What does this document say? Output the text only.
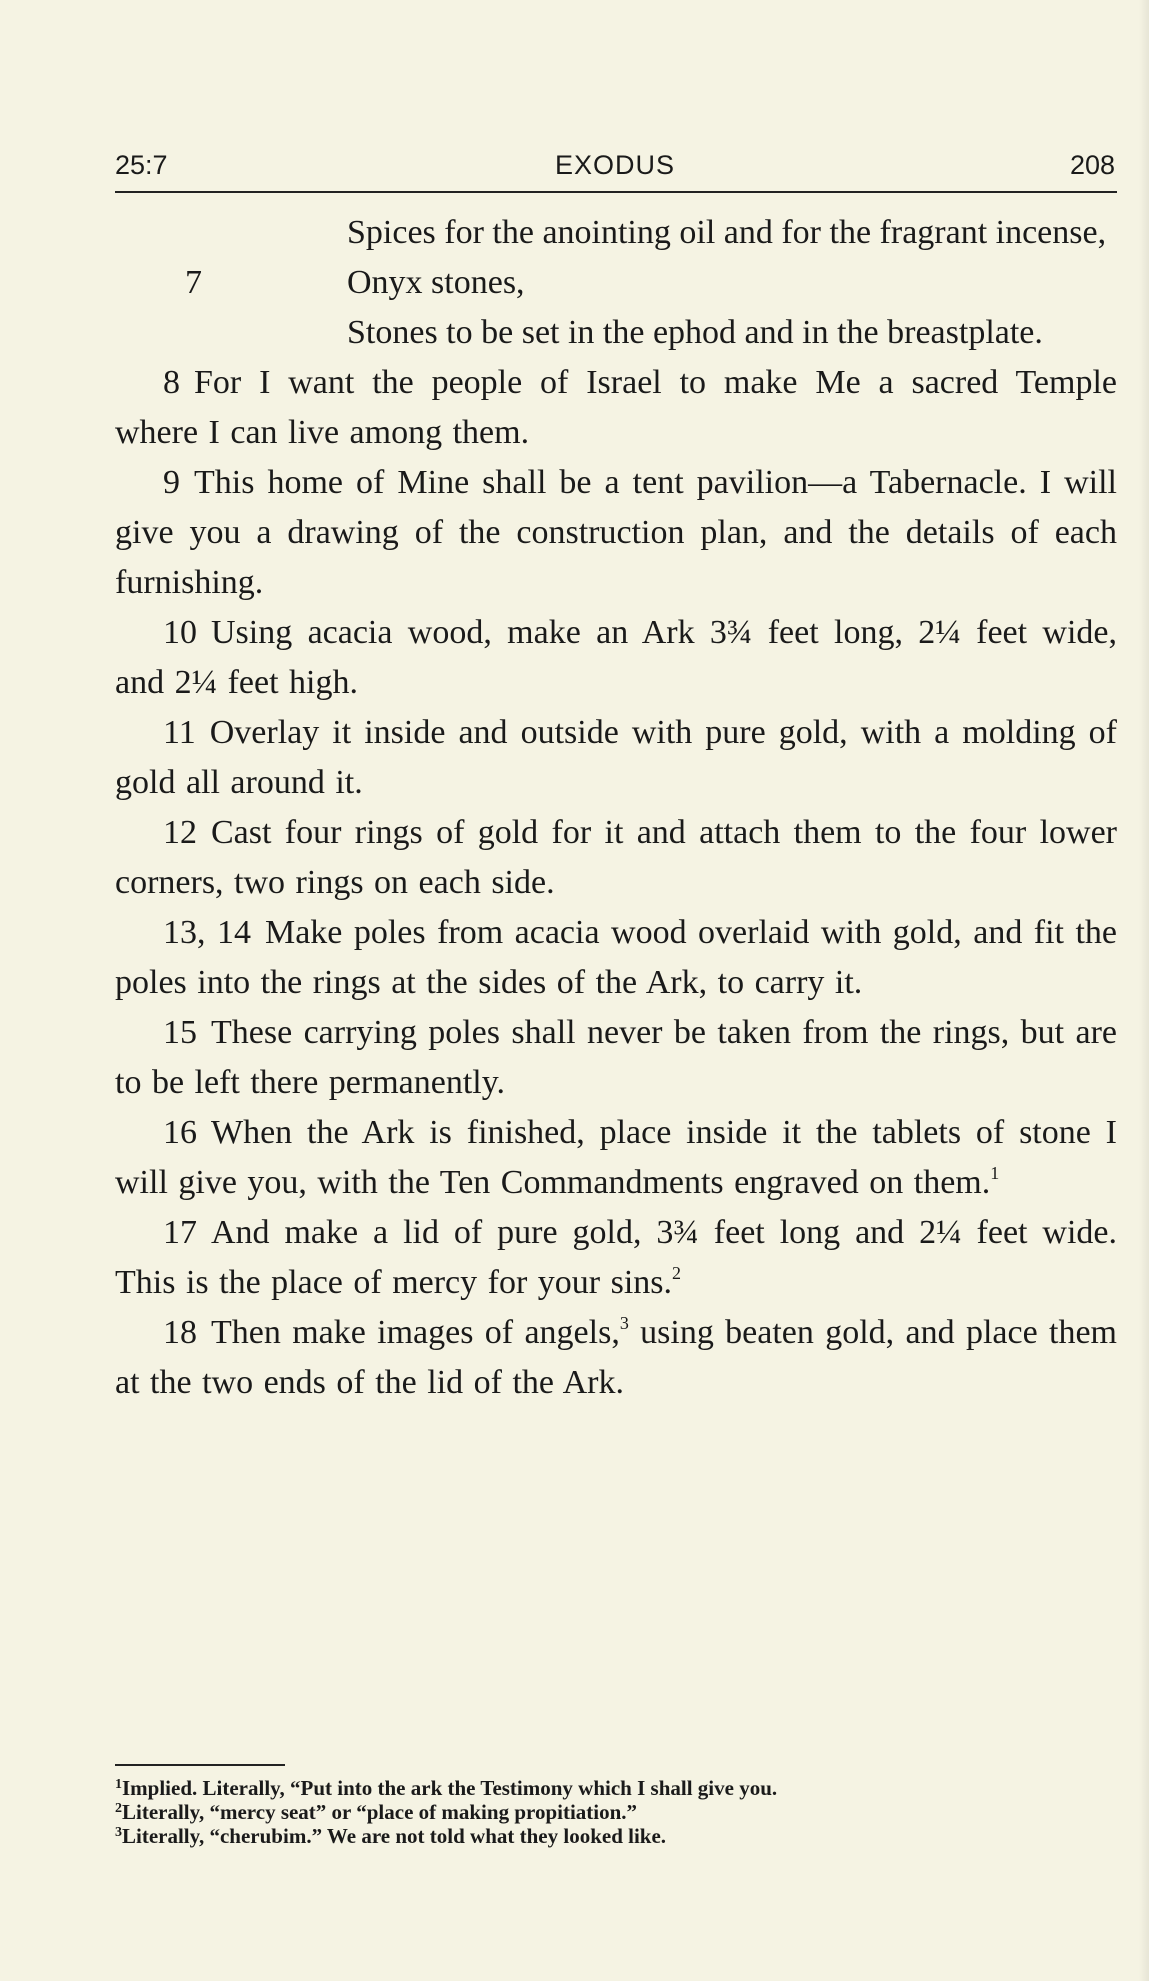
25:7	EXODUS	208
Spices for the anointing oil and for the fragrant incense,
7	Onyx stones,
Stones to be set in the ephod and in the breastplate.

8 For I want the people of Israel to make Me a sacred Temple where I can live among them.

9 This home of Mine shall be a tent pavilion—a Tabernacle. I will give you a drawing of the construction plan, and the details of each furnishing.

10 Using acacia wood, make an Ark 3¾ feet long, 2¼ feet wide, and 2¼ feet high.

11 Overlay it inside and outside with pure gold, with a molding of gold all around it.

12 Cast four rings of gold for it and attach them to the four lower corners, two rings on each side.

13, 14 Make poles from acacia wood overlaid with gold, and fit the poles into the rings at the sides of the Ark, to carry it.

15 These carrying poles shall never be taken from the rings, but are to be left there permanently.

16 When the Ark is finished, place inside it the tablets of stone I will give you, with the Ten Commandments engraved on them.$^1$

17 And make a lid of pure gold, 3¾ feet long and 2¼ feet wide. This is the place of mercy for your sins.$^2$

18 Then make images of angels,$^3$ using beaten gold, and place them at the two ends of the lid of the Ark.

$^1$Implied. Literally, “Put into the ark the Testimony which I shall give you.
$^2$Literally, “mercy seat” or “place of making propitiation.”
$^3$Literally, “cherubim.” We are not told what they looked like.
